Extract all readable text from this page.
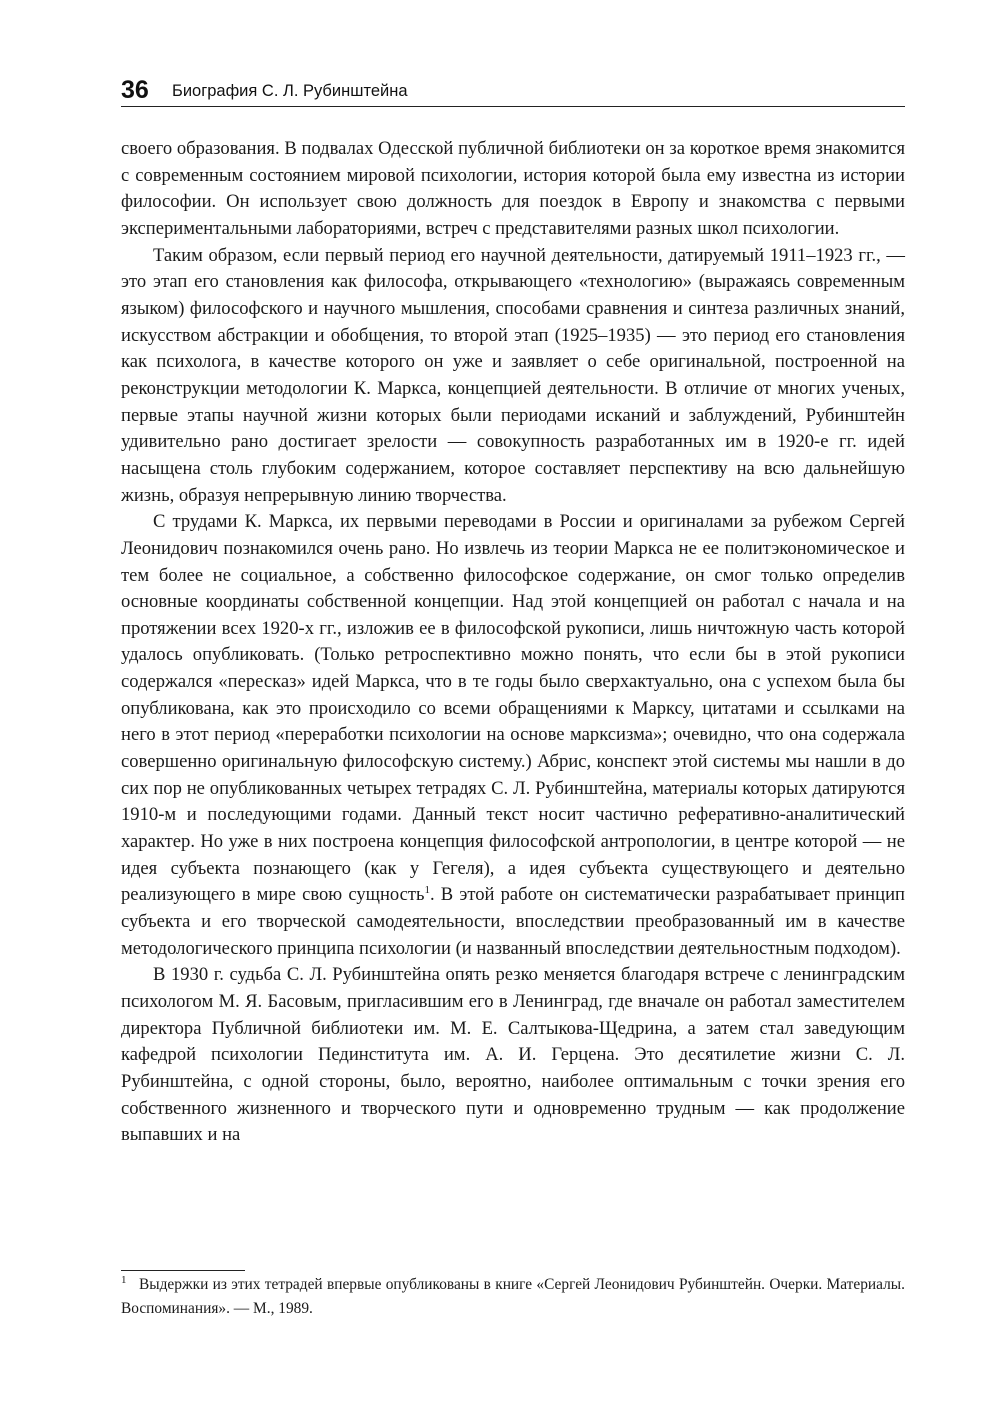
36 Биография С. Л. Рубинштейна

своего образования. В подвалах Одесской публичной библиотеки он за короткое время знакомится с современным состоянием мировой психологии, история которой была ему известна из истории философии. Он использует свою должность для поездок в Европу и знакомства с первыми экспериментальными лабораториями, встреч с представителями разных школ психологии.

Таким образом, если первый период его научной деятельности, датируемый 1911–1923 гг., — это этап его становления как философа, открывающего «технологию» (выражаясь современным языком) философского и научного мышления, способами сравнения и синтеза различных знаний, искусством абстракции и обобщения, то второй этап (1925–1935) — это период его становления как психолога, в качестве которого он уже и заявляет о себе оригинальной, построенной на реконструкции методологии К. Маркса, концепцией деятельности. В отличие от многих ученых, первые этапы научной жизни которых были периодами исканий и заблуждений, Рубинштейн удивительно рано достигает зрелости — совокупность разработанных им в 1920-е гг. идей насыщена столь глубоким содержанием, которое составляет перспективу на всю дальнейшую жизнь, образуя непрерывную линию творчества.

С трудами К. Маркса, их первыми переводами в России и оригиналами за рубежом Сергей Леонидович познакомился очень рано. Но извлечь из теории Маркса не ее политэкономическое и тем более не социальное, а собственно философское содержание, он смог только определив основные координаты собственной концепции. Над этой концепцией он работал с начала и на протяжении всех 1920-х гг., изложив ее в философской рукописи, лишь ничтожную часть которой удалось опубликовать. (Только ретроспективно можно понять, что если бы в этой рукописи содержался «пересказ» идей Маркса, что в те годы было сверхактуально, она с успехом была бы опубликована, как это происходило со всеми обращениями к Марксу, цитатами и ссылками на него в этот период «переработки психологии на основе марксизма»; очевидно, что она содержала совершенно оригинальную философскую систему.) Абрис, конспект этой системы мы нашли в до сих пор не опубликованных четырех тетрадях С. Л. Рубинштейна, материалы которых датируются 1910-м и последующими годами. Данный текст носит частично реферативно-аналитический характер. Но уже в них построена концепция философской антропологии, в центре которой — не идея субъекта познающего (как у Гегеля), а идея субъекта существующего и деятельно реализующего в мире свою сущность$^1$. В этой работе он систематически разрабатывает принцип субъекта и его творческой самодеятельности, впоследствии преобразованный им в качестве методологического принципа психологии (и названный впоследствии деятельностным подходом).

В 1930 г. судьба С. Л. Рубинштейна опять резко меняется благодаря встрече с ленинградским психологом М. Я. Басовым, пригласившим его в Ленинград, где вначале он работал заместителем директора Публичной библиотеки им. М. Е. Салтыкова-Щедрина, а затем стал заведующим кафедрой психологии Пединститута им. А. И. Герцена. Это десятилетие жизни С. Л. Рубинштейна, с одной стороны, было, вероятно, наиболее оптимальным с точки зрения его собственного жизненного и творческого пути и одновременно трудным — как продолжение выпавших и на

1 Выдержки из этих тетрадей впервые опубликованы в книге «Сергей Леонидович Рубинштейн. Очерки. Материалы. Воспоминания». — М., 1989.
